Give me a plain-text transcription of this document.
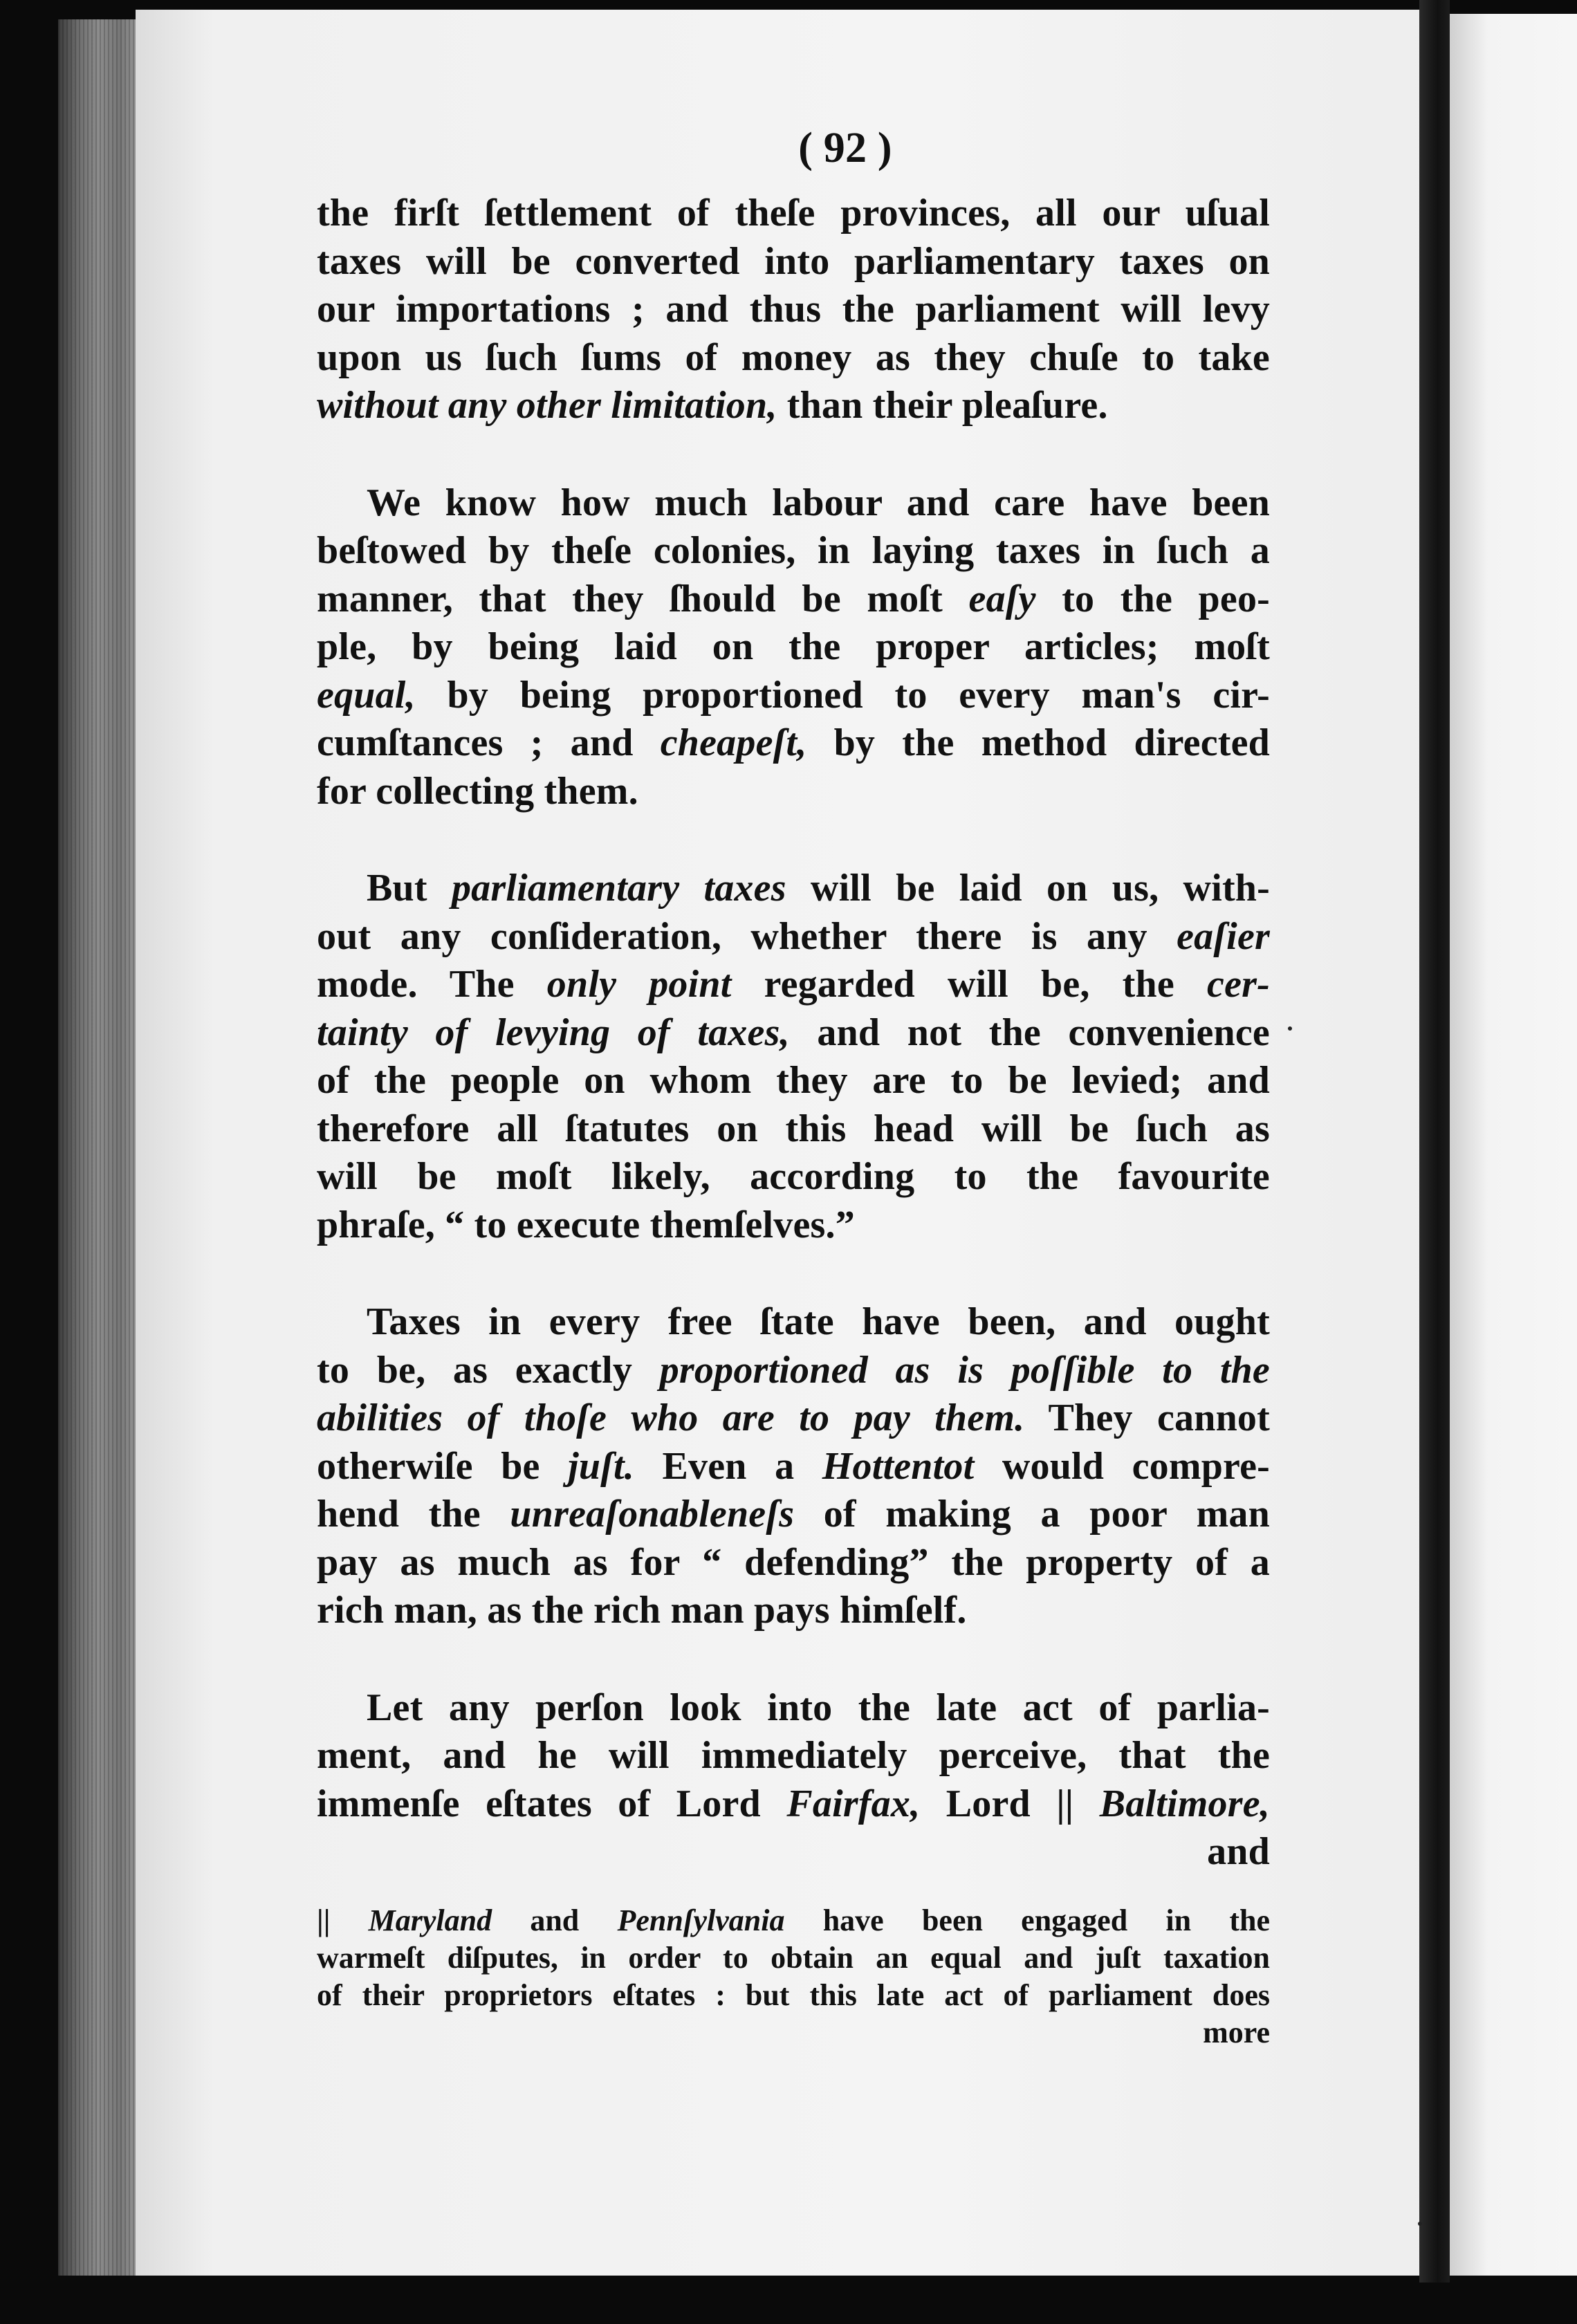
( 92 )
the firſt ſettlement of theſe provinces, all our uſual
taxes will be converted into parliamentary taxes on
our importations ; and thus the parliament will levy
upon us ſuch ſums of money as they chuſe to take
without any other limitation, than their pleaſure.
We know how much labour and care have been
beſtowed by theſe colonies, in laying taxes in ſuch a
manner, that they ſhould be moſt eaſy to the peo-
ple, by being laid on the proper articles; moſt
equal, by being proportioned to every man's cir-
cumſtances ; and cheapeſt, by the method directed
for collecting them.
But parliamentary taxes will be laid on us, with-
out any conſideration, whether there is any eaſier
mode. The only point regarded will be, the cer-
tainty of levying of taxes, and not the convenience
of the people on whom they are to be levied; and
therefore all ſtatutes on this head will be ſuch as
will be moſt likely, according to the favourite
phraſe, “ to execute themſelves.”
Taxes in every free ſtate have been, and ought
to be, as exactly proportioned as is poſſible to the
abilities of thoſe who are to pay them. They cannot
otherwiſe be juſt. Even a Hottentot would compre-
hend the unreaſonableneſs of making a poor man
pay as much as for “ defending” the property of a
rich man, as the rich man pays himſelf.
Let any perſon look into the late act of parlia-
ment, and he will immediately perceive, that the
immenſe eſtates of Lord Fairfax, Lord || Baltimore,
and
|| Maryland and Pennſylvania have been engaged in the
warmeſt diſputes, in order to obtain an equal and juſt taxation
of their proprietors eſtates : but this late act of parliament does
more
